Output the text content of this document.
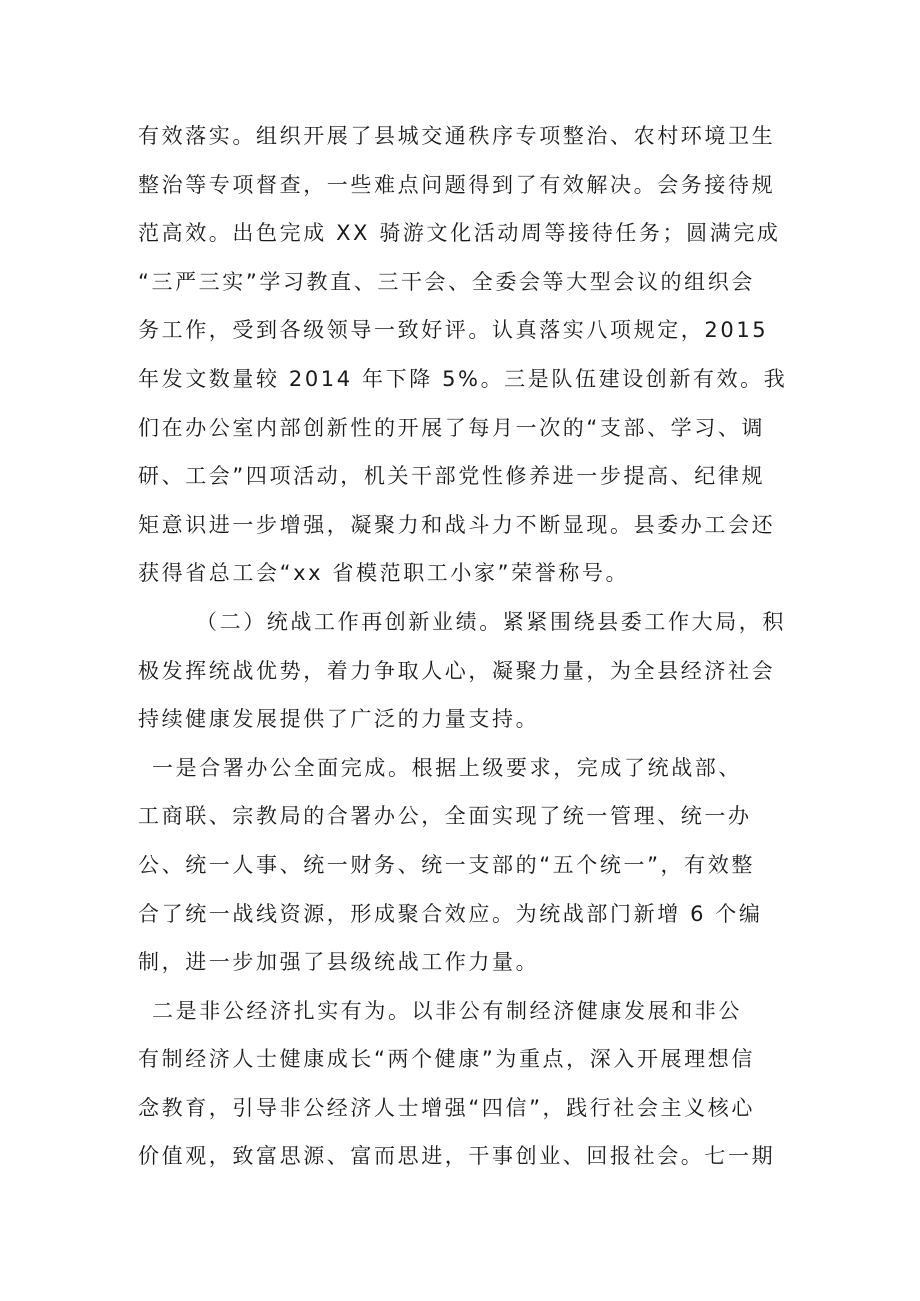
有效落实。组织开展了县城交通秩序专项整治、农村环境卫生
整治等专项督查，一些难点问题得到了有效解决。会务接待规
范高效。出色完成 XX 骑游文化活动周等接待任务；圆满完成
“三严三实”学习教直、三干会、全委会等大型会议的组织会
务工作，受到各级领导一致好评。认真落实八项规定，2015
年发文数量较 2014 年下降 5%。三是队伍建设创新有效。我
们在办公室内部创新性的开展了每月一次的“支部、学习、调
研、工会”四项活动，机关干部党性修养进一步提高、纪律规
矩意识进一步增强，凝聚力和战斗力不断显现。县委办工会还
获得省总工会“xx 省模范职工小家”荣誉称号。
（二）统战工作再创新业绩。紧紧围绕县委工作大局，积
极发挥统战优势，着力争取人心，凝聚力量，为全县经济社会
持续健康发展提供了广泛的力量支持。
一是合署办公全面完成。根据上级要求，完成了统战部、
工商联、宗教局的合署办公，全面实现了统一管理、统一办
公、统一人事、统一财务、统一支部的“五个统一”，有效整
合了统一战线资源，形成聚合效应。为统战部门新增 6 个编
制，进一步加强了县级统战工作力量。
二是非公经济扎实有为。以非公有制经济健康发展和非公
有制经济人士健康成长“两个健康”为重点，深入开展理想信
念教育，引导非公经济人士增强“四信”，践行社会主义核心
价值观，致富思源、富而思进，干事创业、回报社会。七一期
